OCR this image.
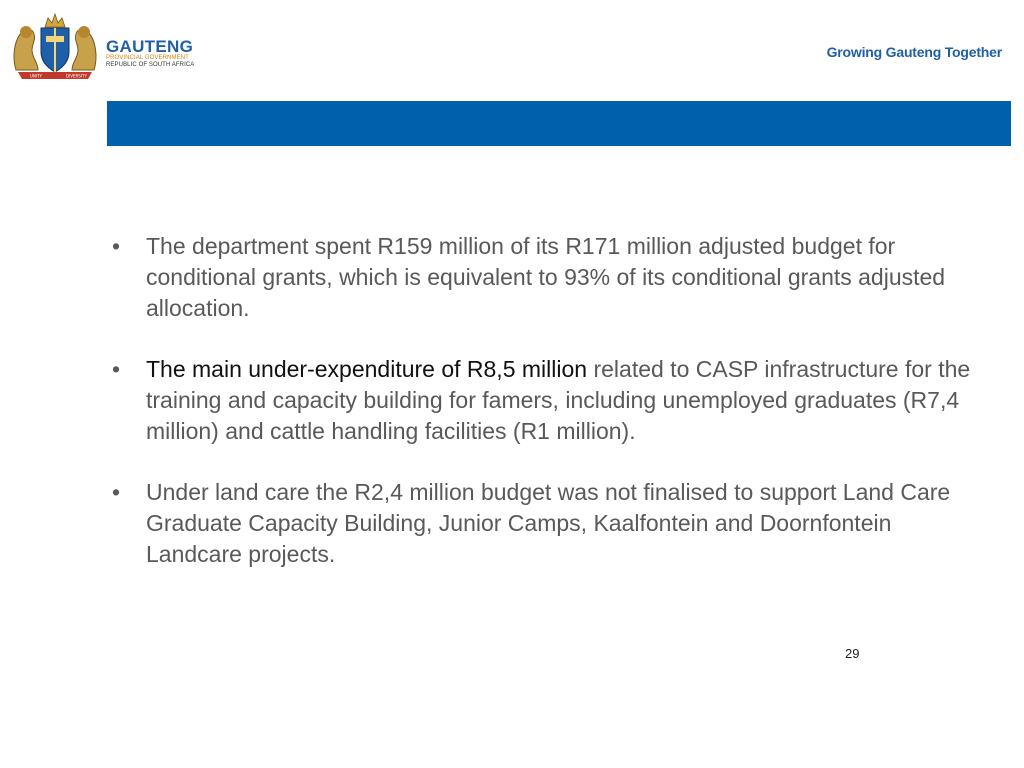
UNITY	DIVERSITY
GAUTENG
PROVINCIAL GOVERNMENT
REPUBLIC OF SOUTH AFRICA
Growing Gauteng Together
• The department spent R159 million of its R171 million adjusted budget for conditional grants, which is equivalent to 93% of its conditional grants adjusted allocation.
• The main under-expenditure of R8,5 million related to CASP infrastructure for the training and capacity building for famers, including unemployed graduates (R7,4 million) and cattle handling facilities (R1 million).
• Under land care the R2,4 million budget was not finalised to support Land Care Graduate Capacity Building, Junior Camps, Kaalfontein and Doornfontein Landcare projects.
29
